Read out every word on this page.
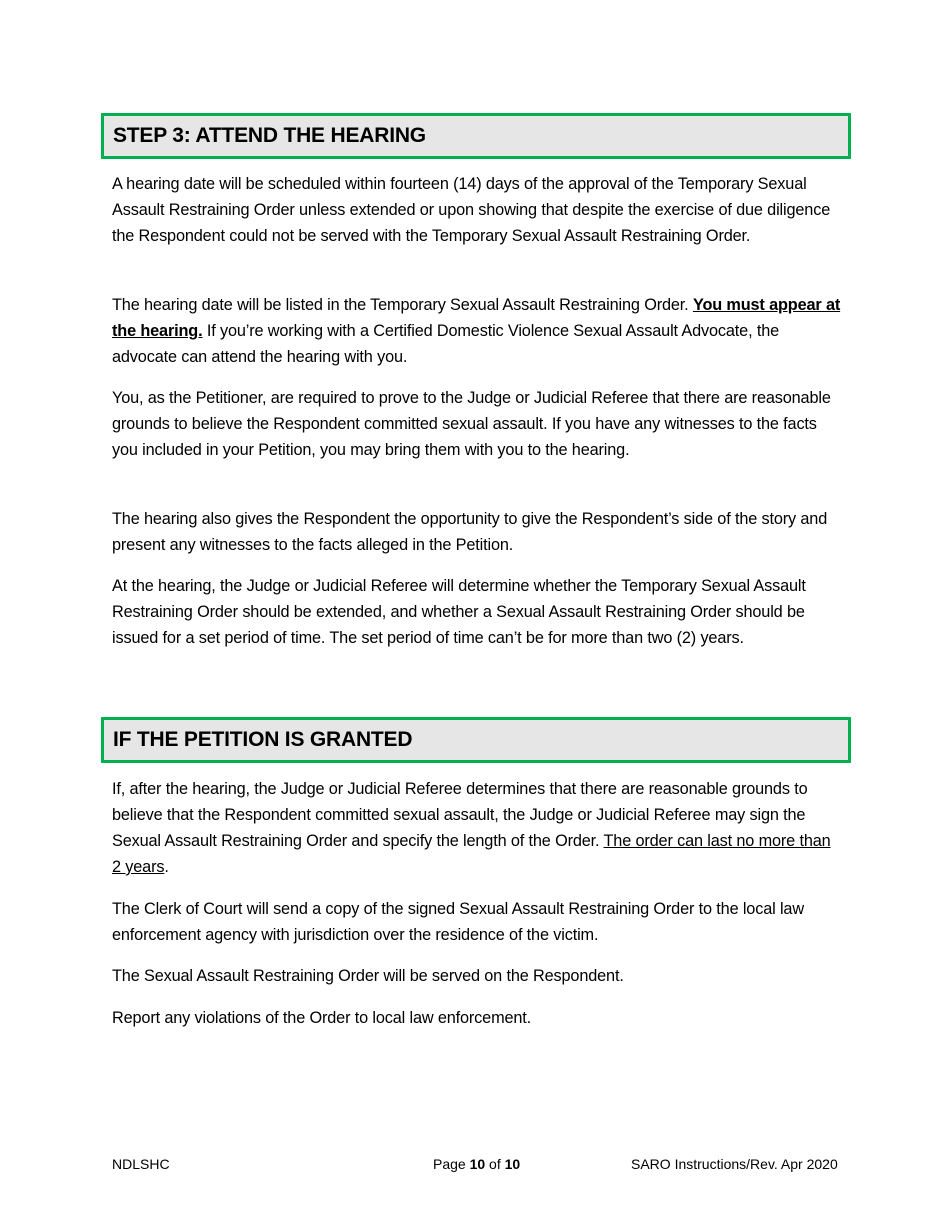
STEP 3: ATTEND THE HEARING

A hearing date will be scheduled within fourteen (14) days of the approval of the Temporary Sexual Assault Restraining Order unless extended or upon showing that despite the exercise of due diligence the Respondent could not be served with the Temporary Sexual Assault Restraining Order.

The hearing date will be listed in the Temporary Sexual Assault Restraining Order. You must appear at the hearing. If you’re working with a Certified Domestic Violence Sexual Assault Advocate, the advocate can attend the hearing with you.

You, as the Petitioner, are required to prove to the Judge or Judicial Referee that there are reasonable grounds to believe the Respondent committed sexual assault. If you have any witnesses to the facts you included in your Petition, you may bring them with you to the hearing.

The hearing also gives the Respondent the opportunity to give the Respondent’s side of the story and present any witnesses to the facts alleged in the Petition.

At the hearing, the Judge or Judicial Referee will determine whether the Temporary Sexual Assault Restraining Order should be extended, and whether a Sexual Assault Restraining Order should be issued for a set period of time. The set period of time can’t be for more than two (2) years.

IF THE PETITION IS GRANTED

If, after the hearing, the Judge or Judicial Referee determines that there are reasonable grounds to believe that the Respondent committed sexual assault, the Judge or Judicial Referee may sign the Sexual Assault Restraining Order and specify the length of the Order. The order can last no more than 2 years.

The Clerk of Court will send a copy of the signed Sexual Assault Restraining Order to the local law enforcement agency with jurisdiction over the residence of the victim.

The Sexual Assault Restraining Order will be served on the Respondent.

Report any violations of the Order to local law enforcement.

NDLSHC	Page 10 of 10	SARO Instructions/Rev. Apr 2020
